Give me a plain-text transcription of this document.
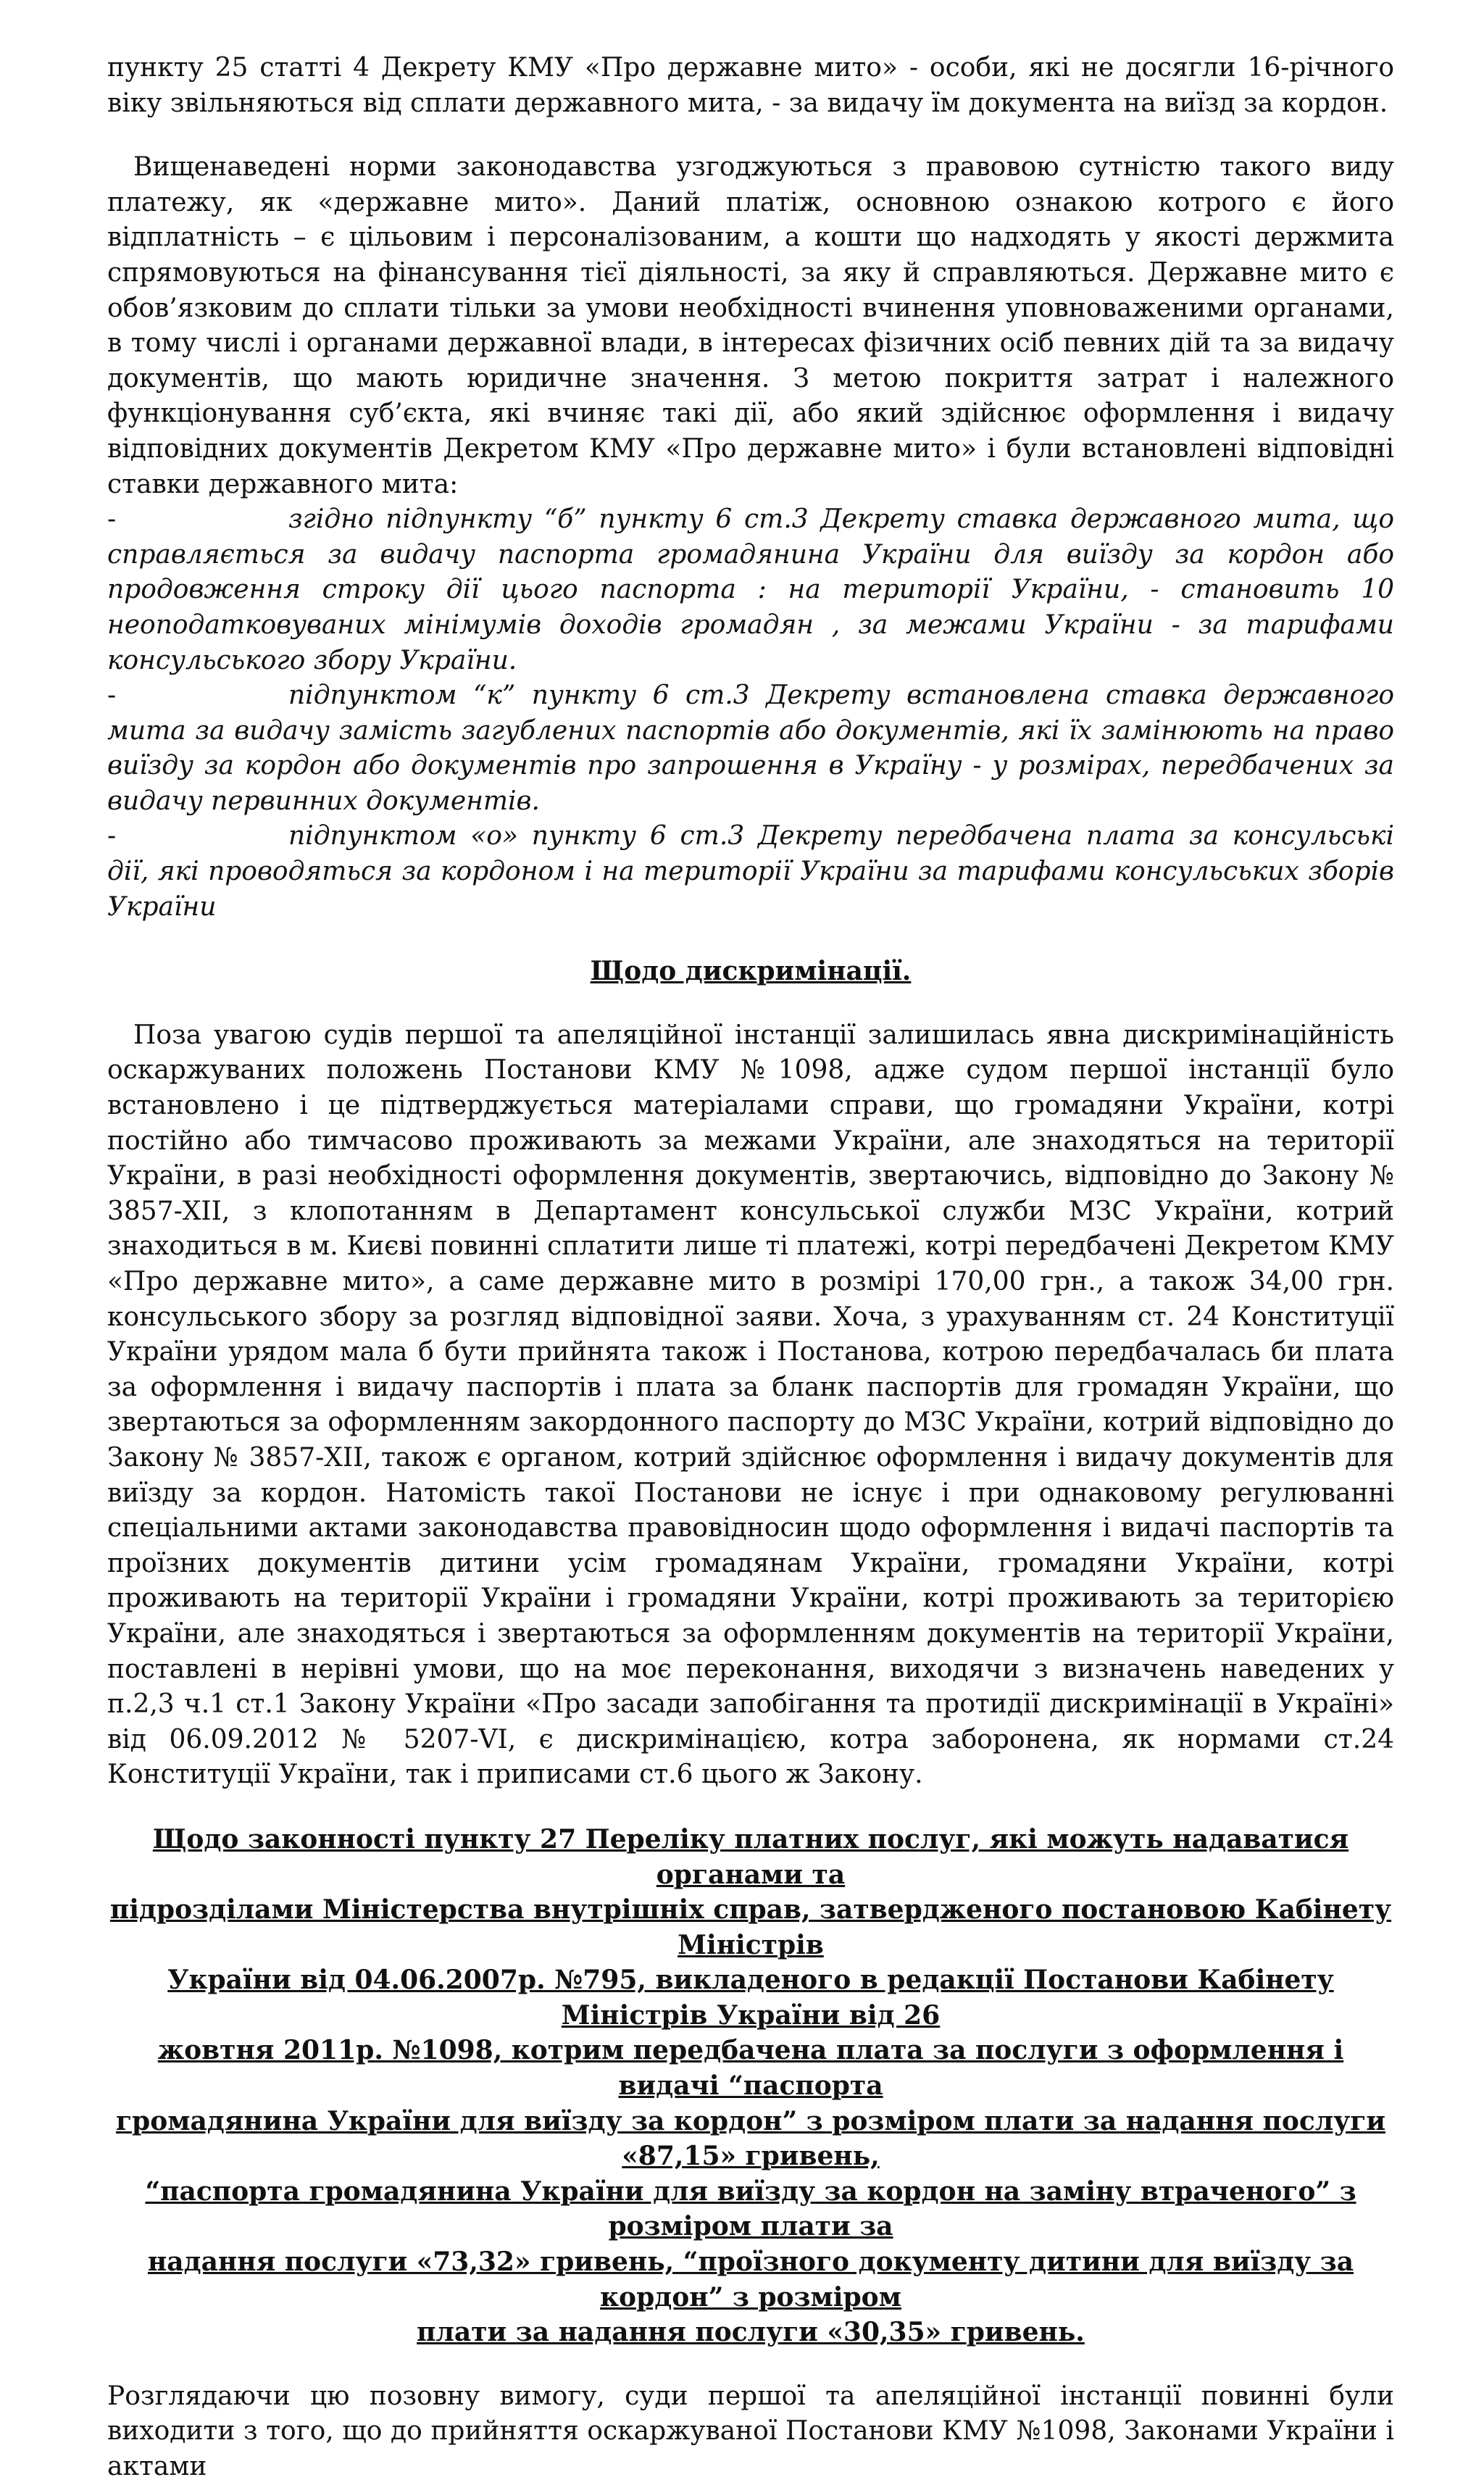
пункту 25 статті 4 Декрету КМУ «Про державне мито» - особи, які не досягли 16-річного віку звільняються від сплати державного мита, - за видачу їм документа на виїзд за кордон.

Вищенаведені норми законодавства узгоджуються з правовою сутністю такого виду платежу, як «державне мито». Даний платіж, основною ознакою котрого є його відплатність – є цільовим і персоналізованим, а кошти що надходять у якості держмита спрямовуються на фінансування тієї діяльності, за яку й справляються. Державне мито є обов’язковим до сплати тільки за умови необхідності вчинення уповноваженими органами, в тому числі і органами державної влади, в інтересах фізичних осіб певних дій та за видачу документів, що мають юридичне значення. З метою покриття затрат і належного функціонування суб’єкта, які вчиняє такі дії, або який здійснює оформлення і видачу відповідних документів Декретом КМУ «Про державне мито» і були встановлені відповідні ставки державного мита:

-	згідно підпункту “б” пункту 6 ст.3 Декрету ставка державного мита, що справляється за видачу паспорта громадянина України для виїзду за кордон або продовження строку дії цього паспорта : на території України, - становить 10 неоподатковуваних мінімумів доходів громадян , за межами України - за тарифами консульського збору України.

-	підпунктом “к” пункту 6 ст.3 Декрету встановлена ставка державного мита за видачу замість загублених паспортів або документів, які їх замінюють на право виїзду за кордон або документів про запрошення в Україну - у розмірах, передбачених за видачу первинних документів.

-	підпунктом «о» пункту 6 ст.3 Декрету передбачена плата за консульські дії, які проводяться за кордоном і на території України за тарифами консульських зборів України

Щодо дискримінації.

Поза увагою судів першої та апеляційної інстанції залишилась явна дискримінаційність оскаржуваних положень Постанови КМУ №1098, адже судом першої інстанції було встановлено і це підтверджується матеріалами справи, що громадяни України, котрі постійно або тимчасово проживають за межами України, але знаходяться на території України, в разі необхідності оформлення документів, звертаючись, відповідно до Закону № 3857-XII, з клопотанням в Департамент консульської служби МЗС України, котрий знаходиться в м. Києві повинні сплатити лише ті платежі, котрі передбачені Декретом КМУ «Про державне мито», а саме державне мито в розмірі 170,00 грн., а також 34,00 грн. консульського збору за розгляд відповідної заяви. Хоча, з урахуванням ст. 24 Конституції України урядом мала б бути прийнята також і Постанова, котрою передбачалась би плата за оформлення і видачу паспортів і плата за бланк паспортів для громадян України, що звертаються за оформленням закордонного паспорту до МЗС України, котрий відповідно до Закону № 3857-XII, також є органом, котрий здійснює оформлення і видачу документів для виїзду за кордон. Натомість такої Постанови не існує і при однаковому регулюванні спеціальними актами законодавства правовідносин щодо оформлення і видачі паспортів та проїзних документів дитини усім громадянам України, громадяни України, котрі проживають на території України і громадяни України, котрі проживають за територією України, але знаходяться і звертаються за оформленням документів на території України, поставлені в нерівні умови, що на моє переконання, виходячи з визначень наведених у п.2,3 ч.1 ст.1 Закону України «Про засади запобігання та протидії дискримінації в Україні» від 06.09.2012 № 5207-VI, є дискримінацією, котра заборонена, як нормами ст.24 Конституції України, так і приписами ст.6 цього ж Закону.

Щодо законності пункту 27 Переліку платних послуг, які можуть надаватися органами та
підрозділами Міністерства внутрішніх справ, затвердженого постановою Кабінету Міністрів
України від 04.06.2007р. №795, викладеного в редакції Постанови Кабінету Міністрів України від 26
жовтня 2011р. №1098, котрим передбачена плата за послуги з оформлення і видачі “паспорта
громадянина України для виїзду за кордон” з розміром плати за надання послуги «87,15» гривень,
“паспорта громадянина України для виїзду за кордон на заміну втраченого” з розміром плати за
надання послуги «73,32» гривень, “проїзного документу дитини для виїзду за кордон” з розміром
плати за надання послуги «30,35» гривень.

Розглядаючи цю позовну вимогу, суди першої та апеляційної інстанції повинні були виходити з того, що до прийняття оскаржуваної Постанови КМУ №1098, Законами України і актами
